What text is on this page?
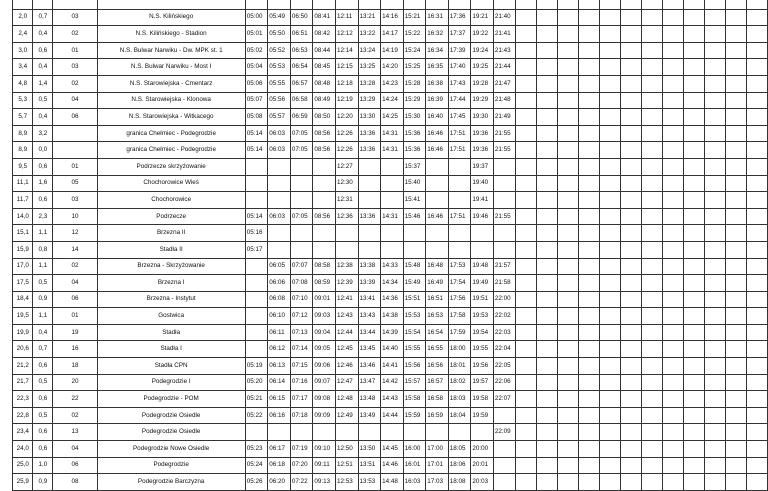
2,0	0,7	03	N.S. Kilińskiego	05:00	05:49	06:50	08:41	12:11	13:21	14:16	15:21	16:31	17:36	19:21	21:40												
2,4	0,4	02	N.S. Kilińskiego - Stadion	05:01	05:50	06:51	08:42	12:12	13:22	14:17	15:22	16:32	17:37	19:22	21:41												
3,0	0,6	01	N.S. Bulwar Narwiku - Dw. MPK st. 1	05:02	05:52	06:53	08:44	12:14	13:24	14:19	15:24	16:34	17:39	19:24	21:43												
3,4	0,4	03	N.S. Bulwar Narwiku - Most I	05:04	05:53	06:54	08:45	12:15	13:25	14:20	15:25	16:35	17:40	19:25	21:44												
4,8	1,4	02	N.S. Starowiejska - Cmentarz	05:06	05:55	06:57	08:48	12:18	13:28	14:23	15:28	16:38	17:43	19:28	21:47												
5,3	0,5	04	N.S. Starowiejska - Klonowa	05:07	05:56	06:58	08:49	12:19	13:29	14:24	15:29	16:39	17:44	19:29	21:48												
5,7	0,4	06	N.S. Starowiejska - Witkacego	05:08	05:57	06:59	08:50	12:20	13:30	14:25	15:30	16:40	17:45	19:30	21:49												
8,9	3,2		granica Chełmiec - Podegrodzie	05:14	06:03	07:05	08:56	12:26	13:36	14:31	15:36	16:46	17:51	19:36	21:55												
8,9	0,0		granica Chełmiec - Podegrodzie	05:14	06:03	07:05	08:56	12:26	13:36	14:31	15:36	16:46	17:51	19:36	21:55												
9,5	0,6	01	Podrzecze skrzyżowanie					12:27			15:37			19:37													
11,1	1,6	05	Chochorowice Wieś					12:30			15:40			19:40													
11,7	0,6	03	Chochorowice					12:31			15:41			19:41													
14,0	2,3	10	Podrzecze	05:14	06:03	07:05	08:56	12:36	13:36	14:31	15:46	16:46	17:51	19:46	21:55												
15,1	1,1	12	Brzezna II	05:16																							
15,9	0,8	14	Stadła II	05:17																							
17,0	1,1	02	Brzezna - Skrzyżowanie		06:05	07:07	08:58	12:38	13:38	14:33	15:48	16:48	17:53	19:48	21:57												
17,5	0,5	04	Brzezna I		06:06	07:08	08:59	12:39	13:39	14:34	15:49	16:49	17:54	19:49	21:58												
18,4	0,9	06	Brzezna - Instytut		06:08	07:10	09:01	12:41	13:41	14:36	15:51	16:51	17:56	19:51	22:00												
19,5	1,1	01	Gostwica		06:10	07:12	09:03	12:43	13:43	14:38	15:53	16:53	17:58	19:53	22:02												
19,9	0,4	19	Stadła		06:11	07:13	09:04	12:44	13:44	14:39	15:54	16:54	17:59	19:54	22:03												
20,6	0,7	16	Stadła I		06:12	07:14	09:05	12:45	13:45	14:40	15:55	16:55	18:00	19:55	22:04												
21,2	0,6	18	Stadła CPN	05:19	06:13	07:15	09:06	12:46	13:46	14:41	15:56	16:56	18:01	19:56	22:05												
21,7	0,5	20	Podegrodzie I	05:20	06:14	07:16	09:07	12:47	13:47	14:42	15:57	16:57	18:02	19:57	22:06												
22,3	0,6	22	Podegrodzie - POM	05:21	06:15	07:17	09:08	12:48	13:48	14:43	15:58	16:58	18:03	19:58	22:07												
22,8	0,5	02	Podegrodzie Osiedle	05:22	06:16	07:18	09:09	12:49	13:49	14:44	15:59	16:59	18:04	19:59													
23,4	0,6	13	Podegrodzie Osiedle												22:09												
24,0	0,6	04	Podegrodzie Nowe Osiedle	05:23	06:17	07:19	09:10	12:50	13:50	14:45	16:00	17:00	18:05	20:00													
25,0	1,0	06	Podegrodzie	05:24	06:18	07:20	09:11	12:51	13:51	14:46	16:01	17:01	18:06	20:01													
25,9	0,9	08	Podegrodzie Barczyzna	05:26	06:20	07:22	09:13	12:53	13:53	14:48	16:03	17:03	18:08	20:03													
